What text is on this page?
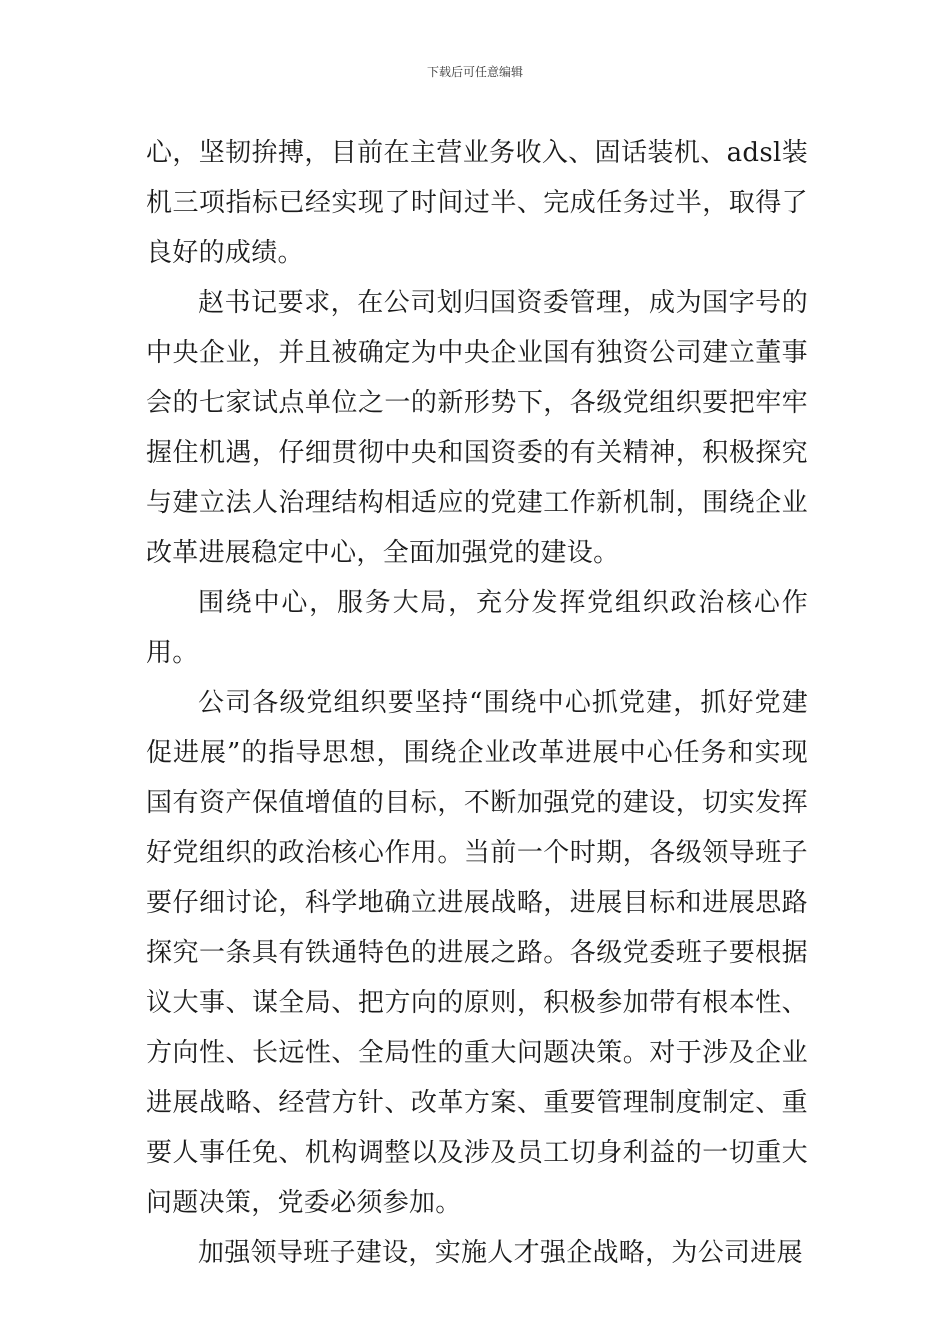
下载后可任意编辑

心，坚韧拚搏，目前在主营业务收入、固话装机、adsl装机三项指标已经实现了时间过半、完成任务过半，取得了良好的成绩。

赵书记要求，在公司划归国资委管理，成为国字号的中央企业，并且被确定为中央企业国有独资公司建立董事会的七家试点单位之一的新形势下，各级党组织要把牢牢握住机遇，仔细贯彻中央和国资委的有关精神，积极探究与建立法人治理结构相适应的党建工作新机制，围绕企业改革进展稳定中心，全面加强党的建设。

围绕中心，服务大局，充分发挥党组织政治核心作用。

公司各级党组织要坚持“围绕中心抓党建，抓好党建促进展”的指导思想，围绕企业改革进展中心任务和实现国有资产保值增值的目标，不断加强党的建设，切实发挥好党组织的政治核心作用。当前一个时期，各级领导班子要仔细讨论，科学地确立进展战略，进展目标和进展思路探究一条具有铁通特色的进展之路。各级党委班子要根据议大事、谋全局、把方向的原则，积极参加带有根本性、方向性、长远性、全局性的重大问题决策。对于涉及企业进展战略、经营方针、改革方案、重要管理制度制定、重要人事任免、机构调整以及涉及员工切身利益的一切重大问题决策，党委必须参加。

加强领导班子建设，实施人才强企战略，为公司进展
